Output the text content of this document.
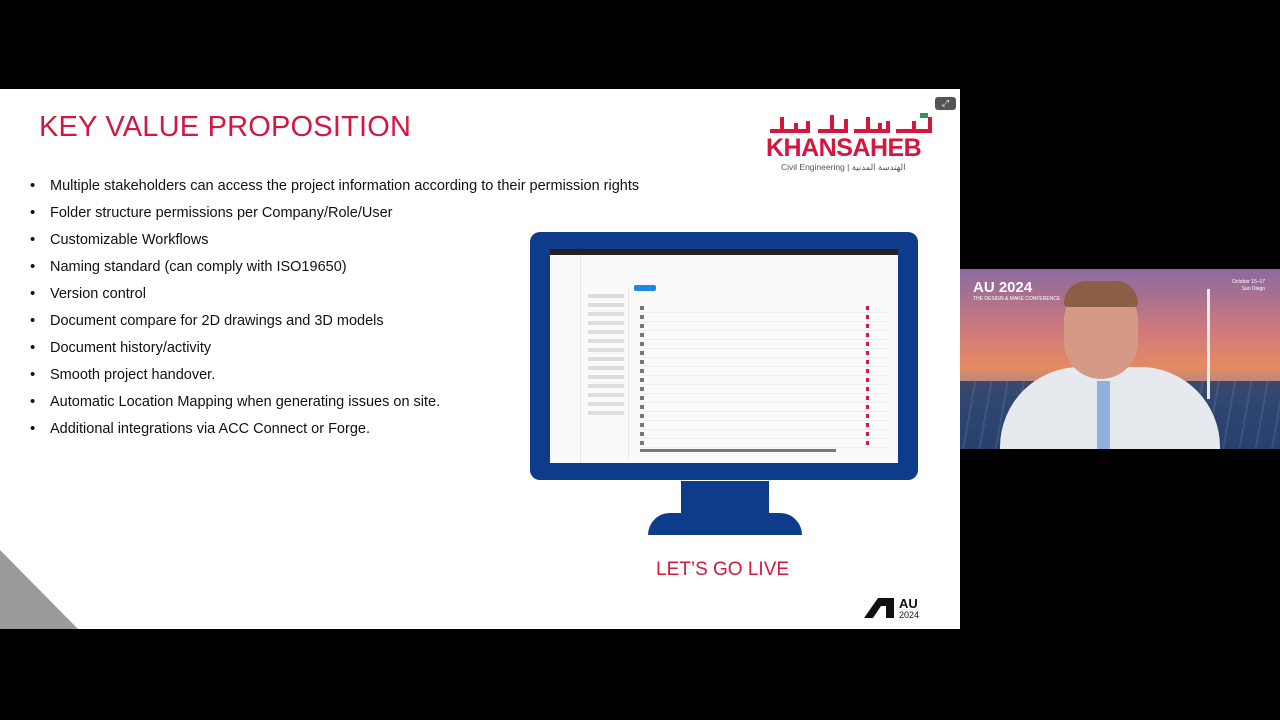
KEY VALUE PROPOSITION
⤢
KHANSAHEB
Civil Engineering | الهندسة المدنية
• Multiple stakeholders can access the project information according to their permission rights
• Folder structure permissions per Company/Role/User
• Customizable Workflows
• Naming standard (can comply with ISO19650)
• Version control
• Document compare for 2D drawings and 3D models
• Document history/activity
• Smooth project handover.
• Automatic Location Mapping when generating issues on site.
• Additional integrations via ACC Connect or Forge.
LET’S GO LIVE
AU
2024
AU 2024
THE DESIGN & MAKE CONFERENCE
October 15–17
San Diego
